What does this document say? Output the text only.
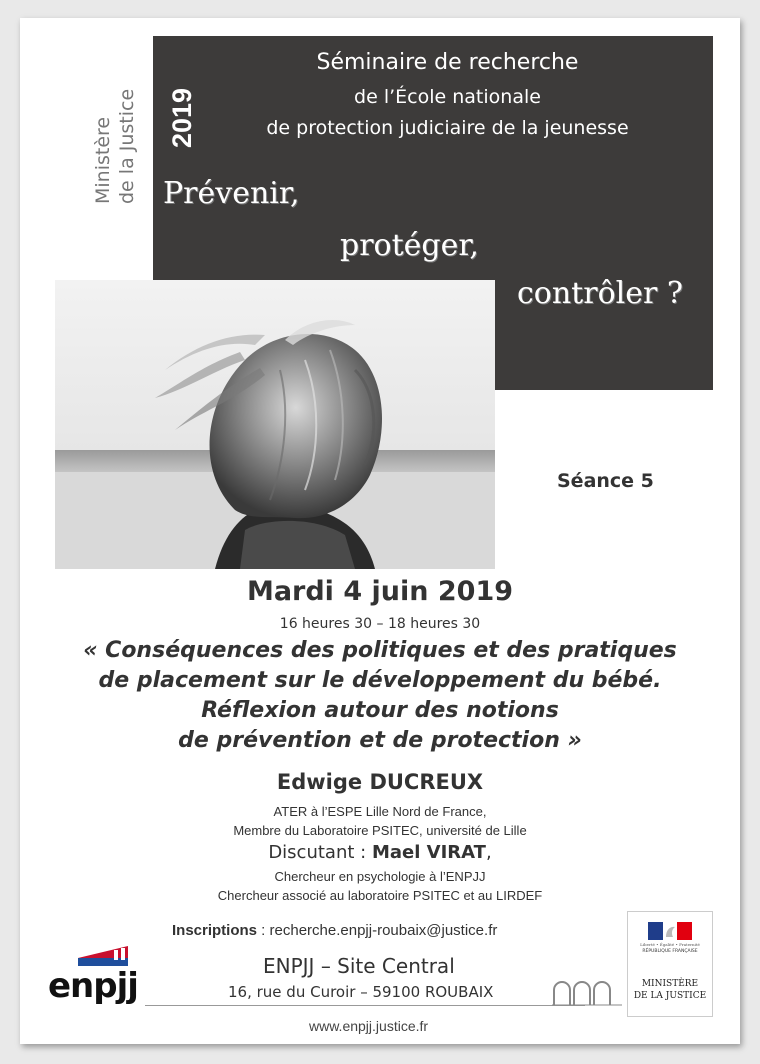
Ministère de la Justice 2019
Séminaire de recherche
de l’École nationale
de protection judiciaire de la jeunesse
Prévenir,
protéger,
contrôler ?
Séance 5
Mardi 4 juin 2019
16 heures 30 – 18 heures 30
« Conséquences des politiques et des pratiques
de placement sur le développement du bébé.
Réflexion autour des notions
de prévention et de protection »
Edwige DUCREUX
ATER à l’ESPE Lille Nord de France,
Membre du Laboratoire PSITEC, université de Lille
Discutant : Mael VIRAT,
Chercheur en psychologie à l’ENPJJ
Chercheur associé au laboratoire PSITEC et au LIRDEF
Inscriptions : recherche.enpjj-roubaix@justice.fr
ENPJJ – Site Central
16, rue du Curoir – 59100 ROUBAIX
www.enpjj.justice.fr
enpjj
Liberté • Égalité • Fraternité
RÉPUBLIQUE FRANÇAISE
MINISTÈRE
DE LA JUSTICE
